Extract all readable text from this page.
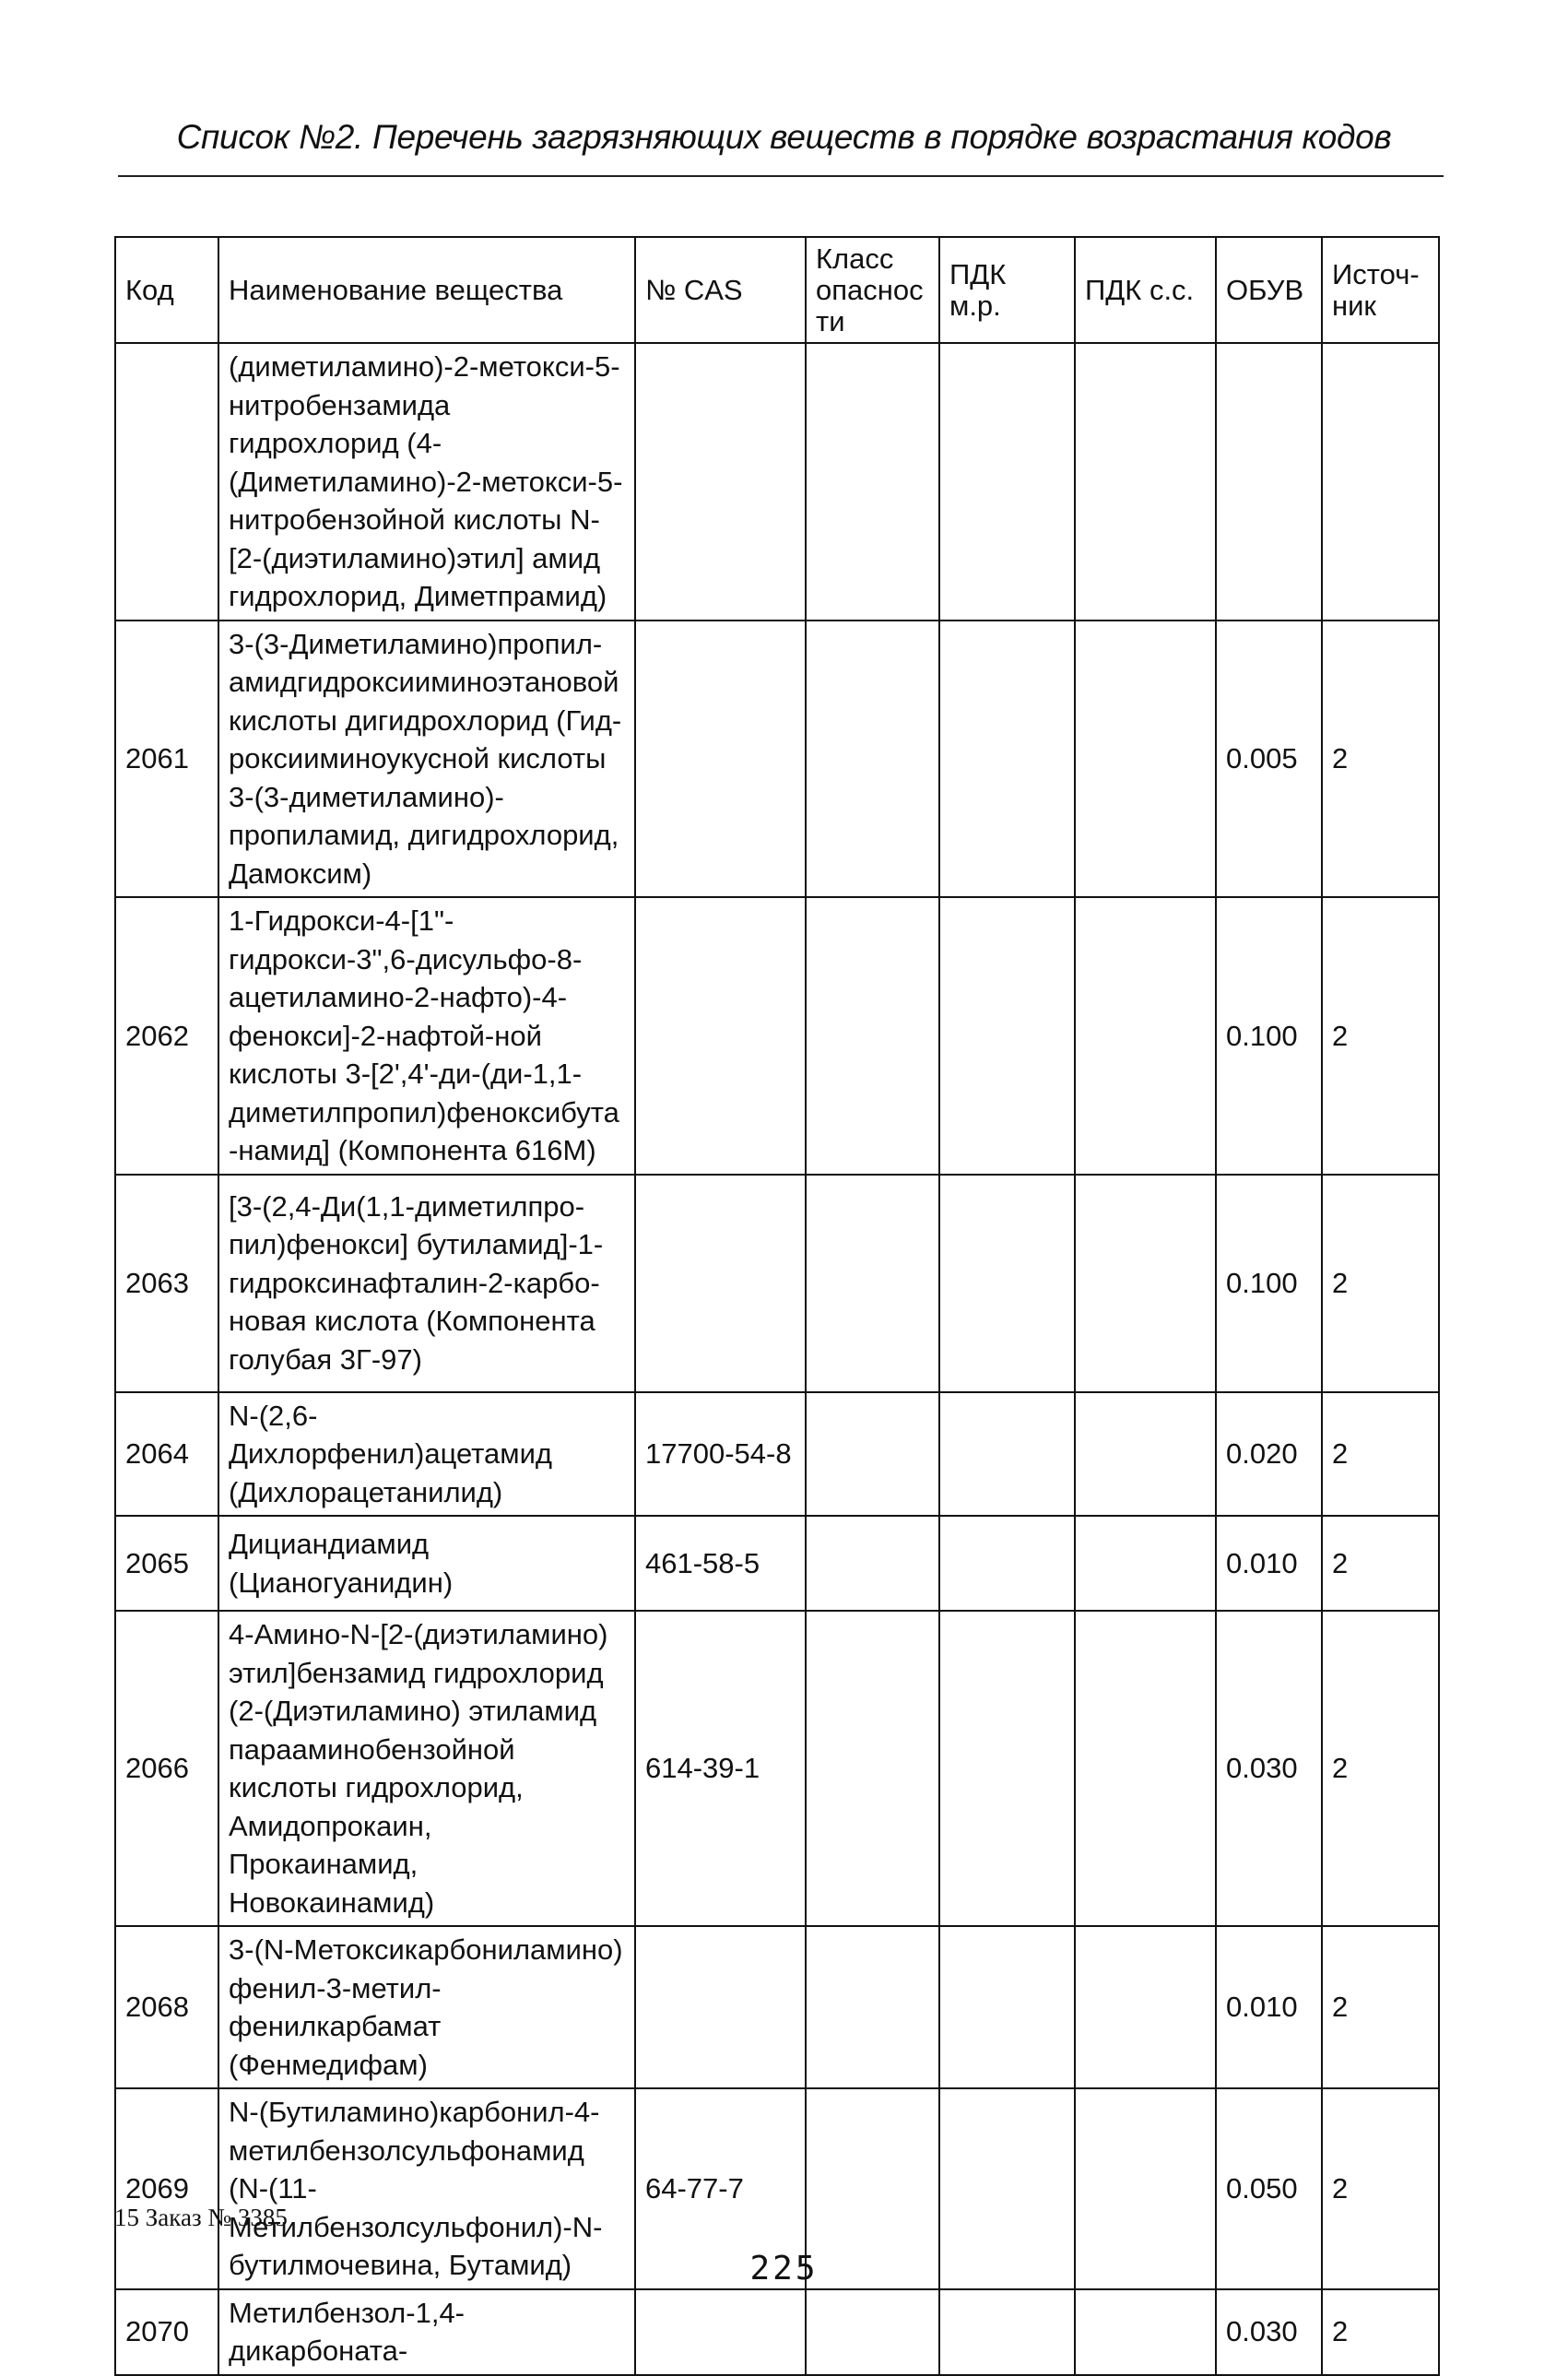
Список №2. Перечень загрязняющих веществ в порядке возрастания кодов
Код	Наименование вещества	№ CAS	Класс опасности	ПДК м.р.	ПДК с.с.	ОБУВ	Источ-ник
	(диметиламино)-2-метокси-5-нитробензамида гидрохлорид (4-(Диметиламино)-2-метокси-5-нитробензойной кислоты N-[2-(диэтиламино)этил] амид гидрохлорид, Диметпрамид)						
2061	3-(3-Диметиламино)пропил-амидгидроксииминоэтановой кислоты дигидрохлорид (Гид-роксииминоукусной кислоты 3-(3-диметиламино)-пропиламид, дигидрохлорид, Дамоксим)					0.005	2
2062	1-Гидрокси-4-[1"-гидрокси-3",6-дисульфо-8-ацетиламино-2-нафто)-4-фенокси]-2-нафтой-ной кислоты 3-[2',4'-ди-(ди-1,1-диметилпропил)феноксибута-намид] (Компонента 616М)					0.100	2
2063	[3-(2,4-Ди(1,1-диметилпро-пил)фенокси] бутиламид]-1-гидроксинафталин-2-карбо-новая кислота (Компонента голубая 3Г-97)					0.100	2
2064	N-(2,6-Дихлорфенил)ацетамид (Дихлорацетанилид)	17700-54-8				0.020	2
2065	Дициандиамид (Цианогуанидин)	461-58-5				0.010	2
2066	4-Амино-N-[2-(диэтиламино) этил]бензамид гидрохлорид (2-(Диэтиламино) этиламид парааминобензойной кислоты гидрохлорид, Амидопрокаин, Прокаинамид, Новокаинамид)	614-39-1				0.030	2
2068	3-(N-Метоксикарбониламино) фенил-3-метил-фенилкарбамат (Фенмедифам)					0.010	2
2069	N-(Бутиламино)карбонил-4-метилбензолсульфонамид (N-(11-Метилбензолсульфонил)-N-бутилмочевина, Бутамид)	64-77-7				0.050	2
2070	Метилбензол-1,4-дикарбоната-					0.030	2
15 Заказ № 3385
225
